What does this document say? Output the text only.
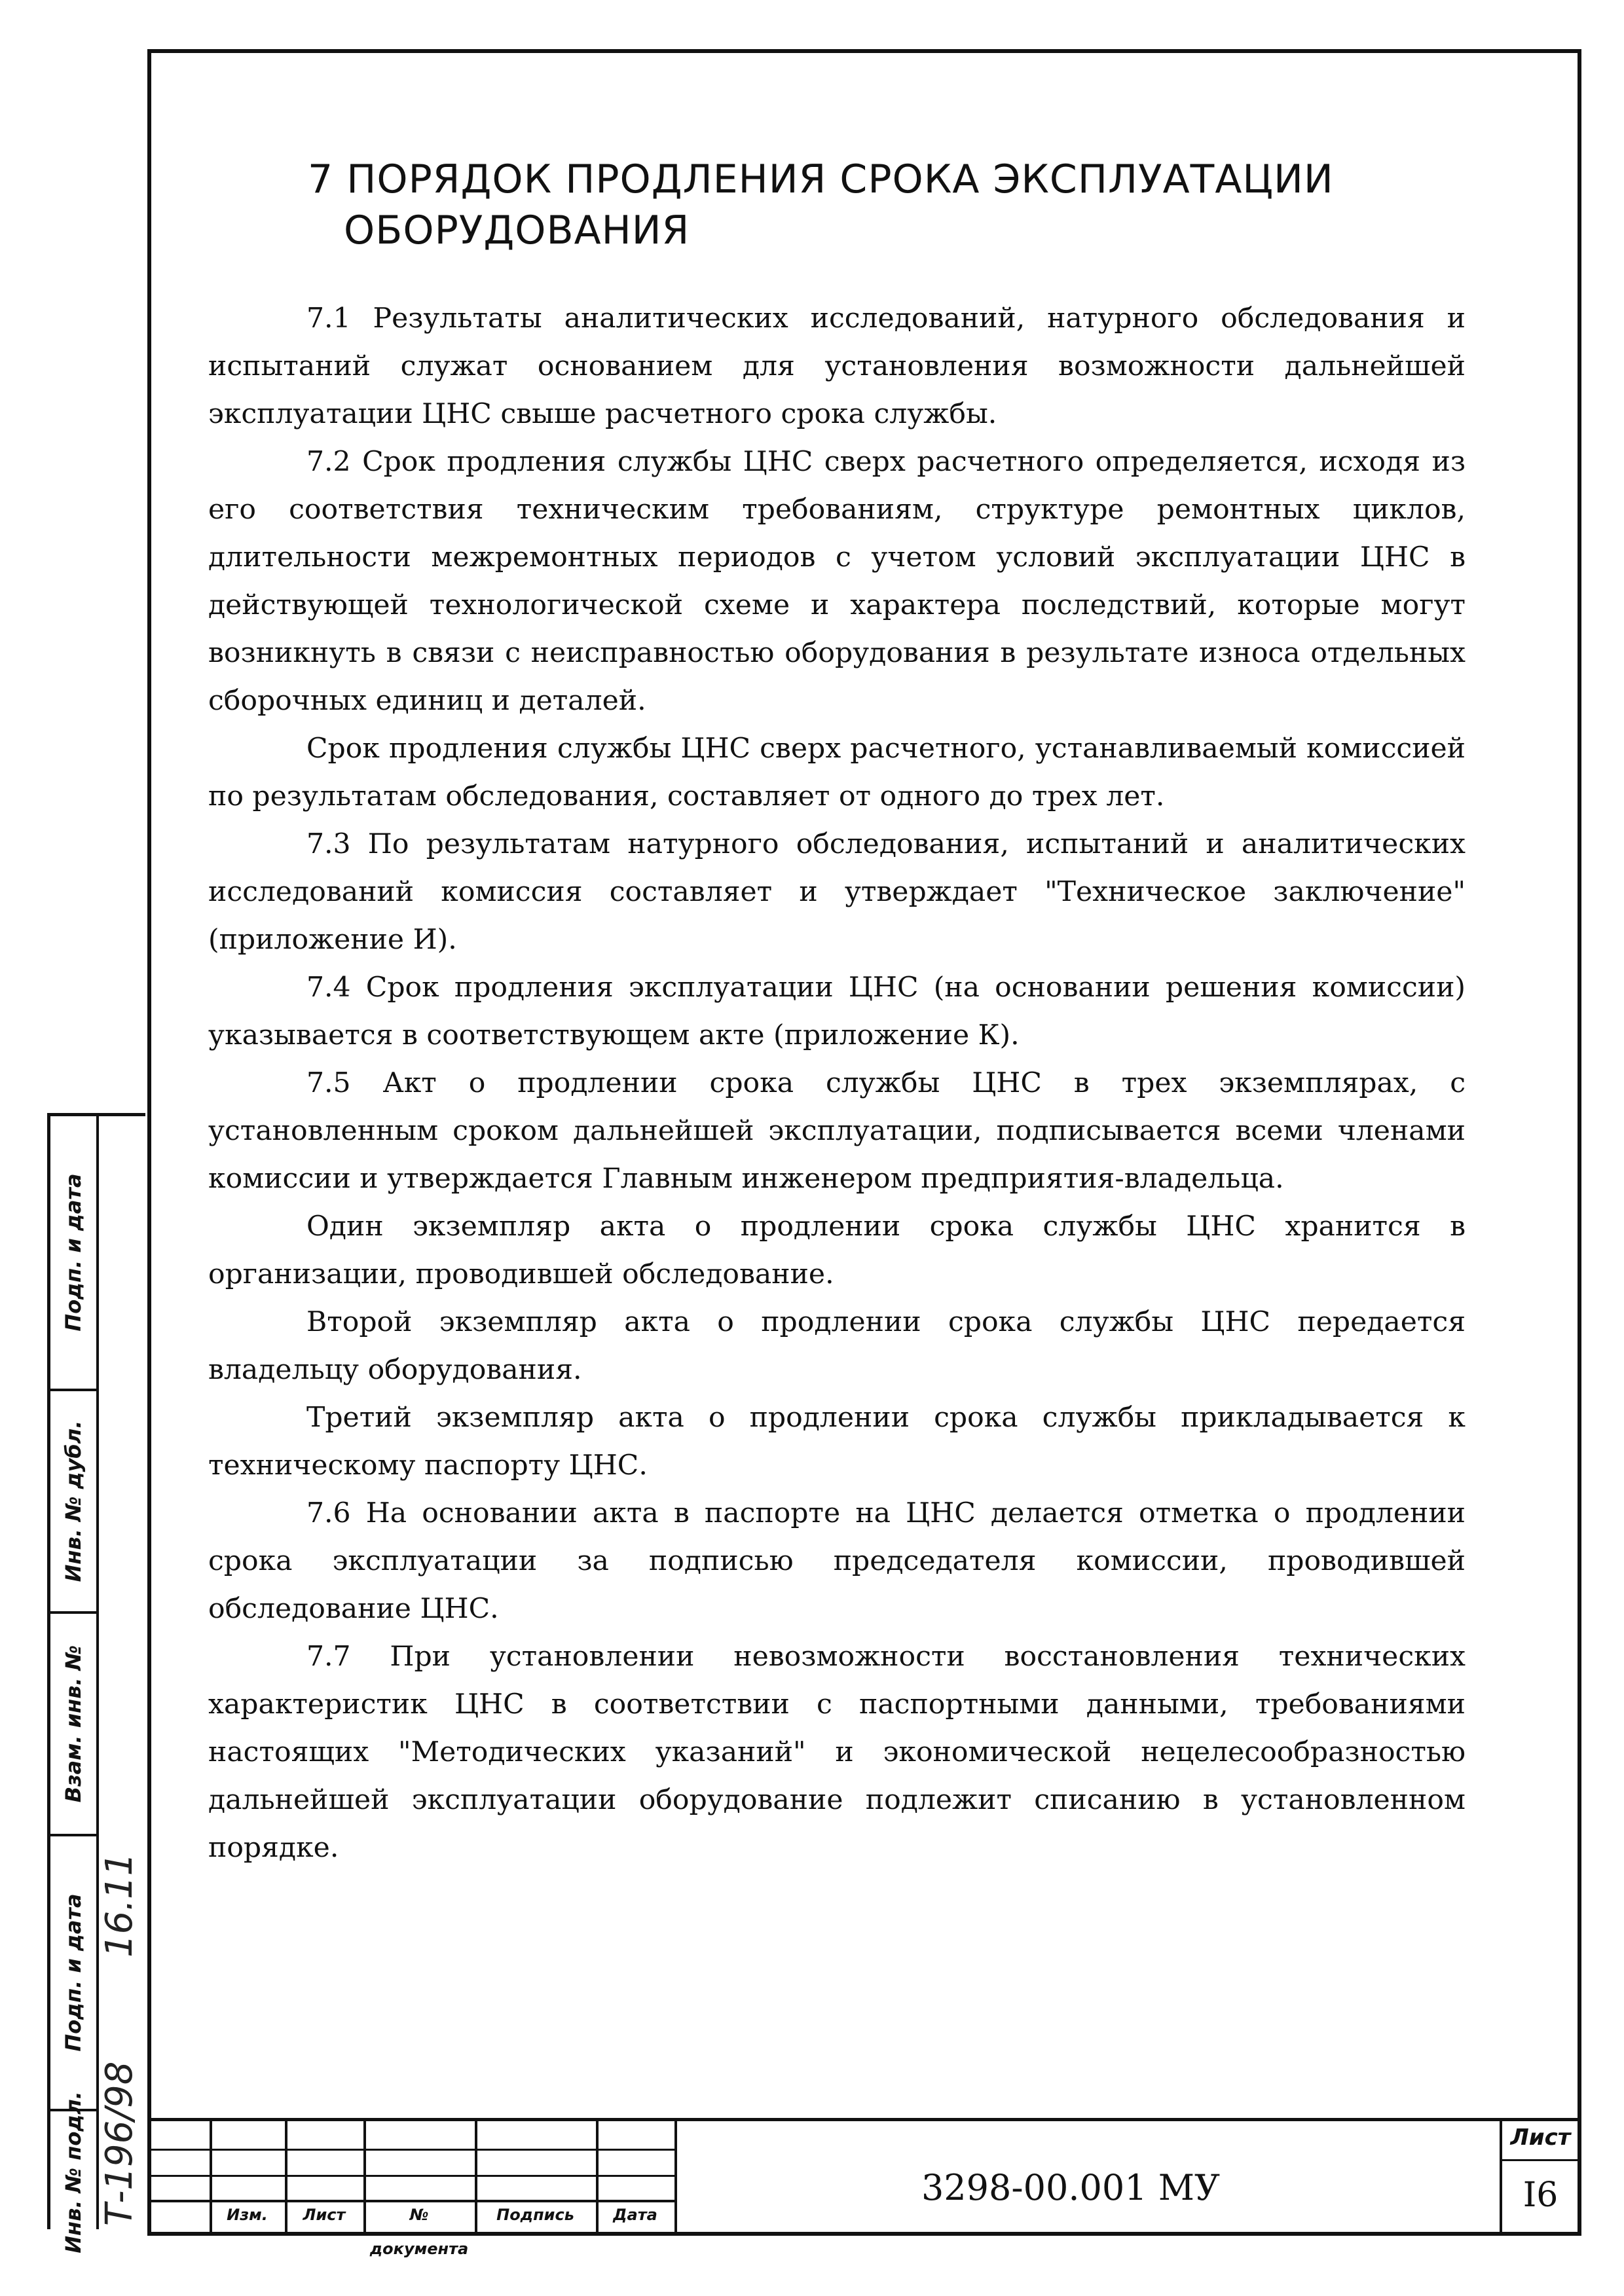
7 ПОРЯДОК ПРОДЛЕНИЯ СРОКА ЭКСПЛУАТАЦИИ
ОБОРУДОВАНИЯ

7.1 Результаты аналитических исследований, натурного обследования и испытаний служат основанием для установления возможности дальнейшей эксплуатации ЦНС свыше расчетного срока службы.

7.2 Срок продления службы ЦНС сверх расчетного определяется, исходя из его соответствия техническим требованиям, структуре ремонтных циклов, длительности межремонтных периодов с учетом условий эксплуатации ЦНС в действующей технологической схеме и характера последствий, которые могут возникнуть в связи с неисправностью оборудования в результате износа отдельных сборочных единиц и деталей.

Срок продления службы ЦНС сверх расчетного, устанавливаемый комиссией по результатам обследования, составляет от одного до трех лет.

7.3 По результатам натурного обследования, испытаний и аналитических исследований комиссия составляет и утверждает "Техническое заключение" (приложение И).

7.4 Срок продления эксплуатации ЦНС (на основании решения комиссии) указывается в соответствующем акте (приложение К).

7.5 Акт о продлении срока службы ЦНС в трех экземплярах, с установленным сроком дальнейшей эксплуатации, подписывается всеми членами комиссии и утверждается Главным инженером предприятия-владельца.

Один экземпляр акта о продлении срока службы ЦНС хранится в организации, проводившей обследование.

Второй экземпляр акта о продлении срока службы ЦНС передается владельцу оборудования.

Третий экземпляр акта о продлении срока службы прикладывается к техническому паспорту ЦНС.

7.6 На основании акта в паспорте на ЦНС делается отметка о продлении срока эксплуатации за подписью председателя комиссии, проводившей обследование ЦНС.

7.7 При установлении невозможности восстановления технических характеристик ЦНС в соответствии с паспортными данными, требованиями настоящих "Методических указаний" и экономической нецелесообразностью дальнейшей эксплуатации оборудование подлежит списанию в установленном порядке.

Подп. и дата
Инв. № дубл.
Взам. инв. №
Подп. и дата
Инв. № подл.
16.11
Т-196/98	Изм.	Лист	№ документа
Подпись	Дата
3298-00.001 МУ
Лист
I6
